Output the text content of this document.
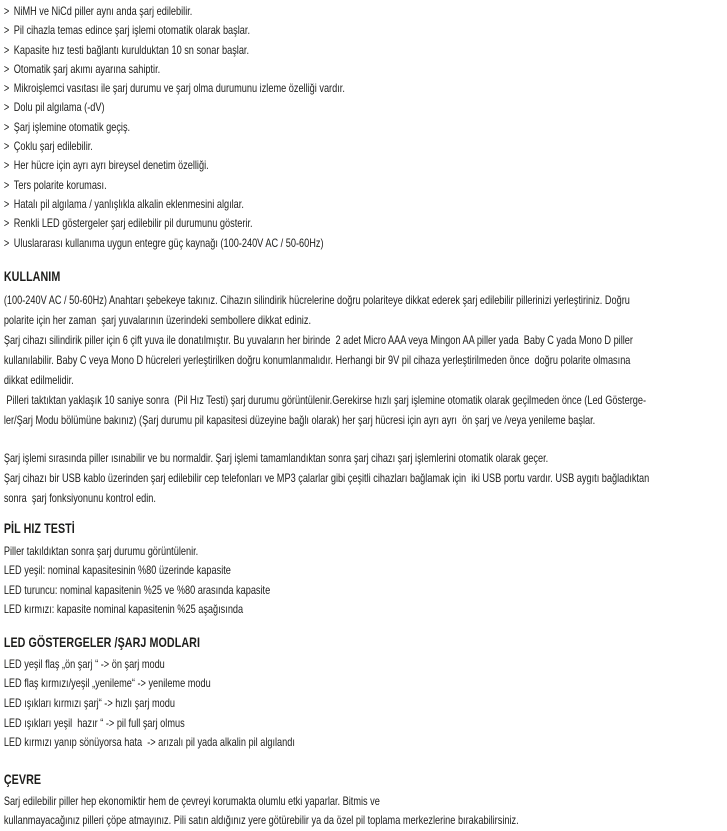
> NiMH ve NiCd piller aynı anda şarj edilebilir.
> Pil cihazla temas edince şarj işlemi otomatik olarak başlar.
> Kapasite hız testi bağlantı kurulduktan 10 sn sonar başlar.
> Otomatik şarj akımı ayarına sahiptir.
> Mikroişlemci vasıtası ile şarj durumu ve şarj olma durumunu izleme özelliği vardır.
> Dolu pil algılama (-dV)
> Şarj işlemine otomatik geçiş.
> Çoklu şarj edilebilir.
> Her hücre için ayrı ayrı bireysel denetim özelliği.
> Ters polarite koruması.
> Hatalı pil algılama / yanlışlıkla alkalin eklenmesini algılar.
> Renkli LED göstergeler şarj edilebilir pil durumunu gösterir.
> Uluslararası kullanıma uygun entegre güç kaynağı (100-240V AC / 50-60Hz)
KULLANIM
(100-240V AC / 50-60Hz) Anahtarı şebekeye takınız. Cihazın silindirik hücrelerine doğru polariteye dikkat ederek şarj edilebilir pillerinizi yerleştiriniz. Doğru
polarite için her zaman  şarj yuvalarının üzerindeki sembollere dikkat ediniz.
Şarj cihazı silindirik piller için 6 çift yuva ile donatılmıştır. Bu yuvaların her birinde  2 adet Micro AAA veya Mingon AA piller yada  Baby C yada Mono D piller
kullanılabilir. Baby C veya Mono D hücreleri yerleştirilken doğru konumlanmalıdır. Herhangi bir 9V pil cihaza yerleştirilmeden önce  doğru polarite olmasına
dikkat edilmelidir.
Pilleri taktıktan yaklaşık 10 saniye sonra  (Pil Hız Testi) şarj durumu görüntülenir.Gerekirse hızlı şarj işlemine otomatik olarak geçilmeden önce (Led Gösterge-
ler/Şarj Modu bölümüne bakınız) (Şarj durumu pil kapasitesi düzeyine bağlı olarak) her şarj hücresi için ayrı ayrı  ön şarj ve /veya yenileme başlar.
Şarj işlemi sırasında piller ısınabilir ve bu normaldir. Şarj işlemi tamamlandıktan sonra şarj cihazı şarj işlemlerini otomatik olarak geçer.
Şarj cihazı bir USB kablo üzerinden şarj edilebilir cep telefonları ve MP3 çalarlar gibi çeşitli cihazları bağlamak için  iki USB portu vardır. USB aygıtı bağladıktan
sonra  şarj fonksiyonunu kontrol edin.
PİL HIZ TESTİ
Piller takıldıktan sonra şarj durumu görüntülenir.
LED yeşil: nominal kapasitesinin %80 üzerinde kapasite
LED turuncu: nominal kapasitenin %25 ve %80 arasında kapasite
LED kırmızı: kapasite nominal kapasitenin %25 aşağısında
LED GÖSTERGELER /ŞARJ MODLARI
LED yeşil flaş „ön şarj “ -> ön şarj modu
LED flaş kırmızı/yeşil „yenileme“ -> yenileme modu
LED ışıkları kırmızı şarj“ -> hızlı şarj modu
LED ışıkları yeşil  hazır “ -> pil full şarj olmus
LED kırmızı yanıp sönüyorsa hata  -> arızalı pil yada alkalin pil algılandı
ÇEVRE
Sarj edilebilir piller hep ekonomiktir hem de çevreyi korumakta olumlu etki yaparlar. Bitmis ve
kullanmayacağınız pilleri çöpe atmayınız. Pili satın aldığınız yere götürebilir ya da özel pil toplama merkezlerine bırakabilirsiniz.
